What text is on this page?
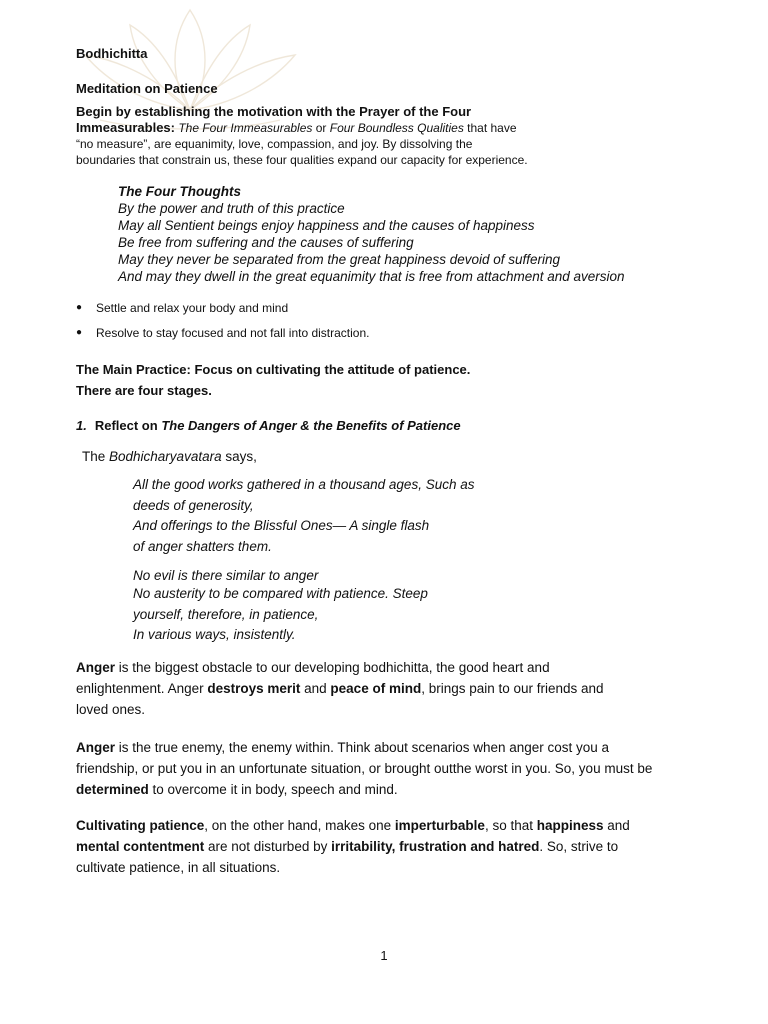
Bodhichitta
Meditation on Patience
Begin by establishing the motivation with the Prayer of the Four
Immeasurables: The Four Immeasurables or Four Boundless Qualities that have
“no measure”, are equanimity, love, compassion, and joy. By dissolving the
boundaries that constrain us, these four qualities expand our capacity for experience.
The Four Thoughts
By the power and truth of this practice
May all Sentient beings enjoy happiness and the causes of happiness
Be free from suffering and the causes of suffering
May they never be separated from the great happiness devoid of suffering
And may they dwell in the great equanimity that is free from attachment and aversion
● Settle and relax your body and mind
● Resolve to stay focused and not fall into distraction.
The Main Practice: Focus on cultivating the attitude of patience.
There are four stages.
1. Reflect on The Dangers of Anger & the Benefits of Patience
The Bodhicharyavatara says,
All the good works gathered in a thousand ages, Such as
deeds of generosity,
And offerings to the Blissful Ones— A single flash
of anger shatters them.
No evil is there similar to anger
No austerity to be compared with patience. Steep
yourself, therefore, in patience,
In various ways, insistently.
Anger is the biggest obstacle to our developing bodhichitta, the good heart and
enlightenment. Anger destroys merit and peace of mind, brings pain to our friends and
loved ones.
Anger is the true enemy, the enemy within. Think about scenarios when anger cost you a
friendship, or put you in an unfortunate situation, or brought outthe worst in you. So, you must be
determined to overcome it in body, speech and mind.
Cultivating patience, on the other hand, makes one imperturbable, so that happiness and
mental contentment are not disturbed by irritability, frustration and hatred. So, strive to
cultivate patience, in all situations.
1
